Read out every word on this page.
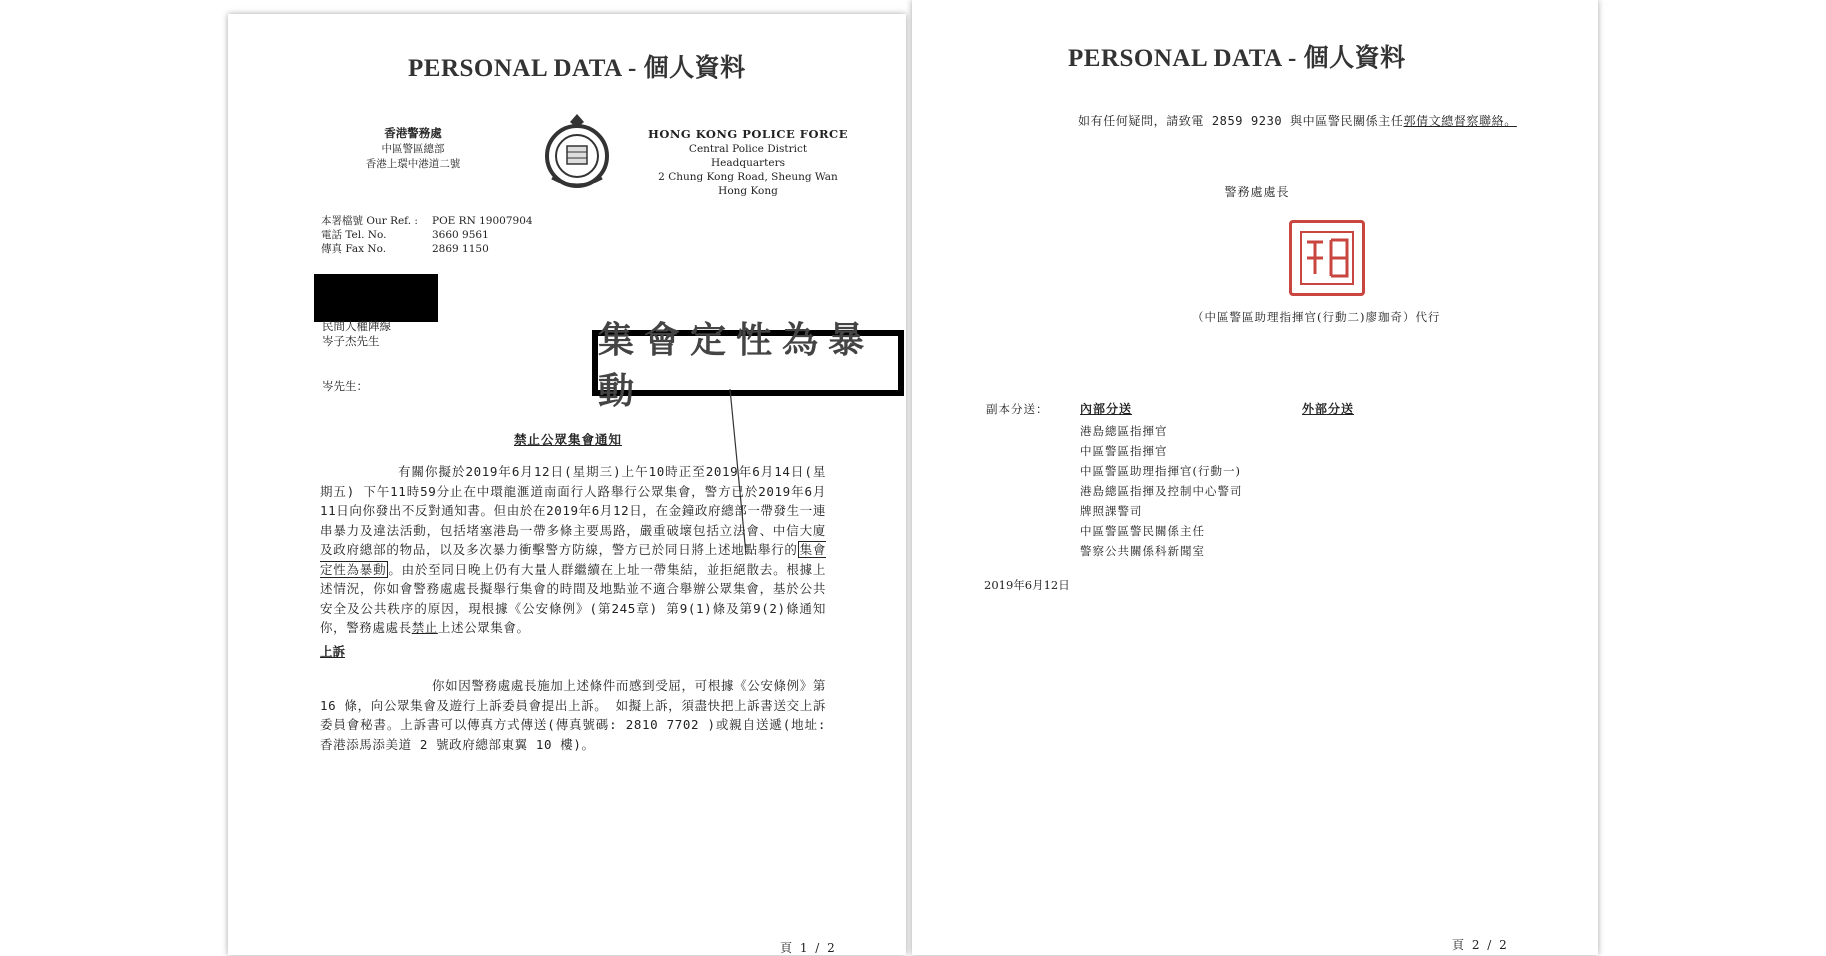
PERSONAL DATA - 個人資料
香港警務處
中區警區總部
香港上環中港道二號
HONG KONG POLICE FORCE
Central Police District
Headquarters
2 Chung Kong Road, Sheung Wan
Hong Kong
本署檔號 Our Ref. : POE RN 19007904
電話 Tel. No.	3660 9561
傳真 Fax No.	2869 1150
民間人權陣線
岑子杰先生
岑先生：
集會定性為暴動
禁止公眾集會通知
有關你擬於2019年6月12日(星期三)上午10時正至2019年6月14日(星期五) 下午11時59分止在中環龍滙道南面行人路舉行公眾集會，警方已於2019年6月11日向你發出不反對通知書。但由於在2019年6月12日，在金鐘政府總部一帶發生一連串暴力及違法活動，包括堵塞港島一帶多條主要馬路，嚴重破壞包括立法會、中信大廈及政府總部的物品，以及多次暴力衝擊警方防線，警方已於同日將上述地點舉行的 集會定性為暴動 。由於至同日晚上仍有大量人群繼續在上址一帶集結，並拒絕散去。根據上述情況，你如會警務處處長擬舉行集會的時間及地點並不適合舉辦公眾集會，基於公共安全及公共秩序的原因，現根據《公安條例》(第245章) 第9(1)條及第9(2)條通知你，警務處處長禁止上述公眾集會。
上訴
你如因警務處處長施加上述條件而感到受屈，可根據《公安條例》第 16 條，向公眾集會及遊行上訴委員會提出上訴。 如擬上訴，須盡快把上訴書送交上訴委員會秘書。上訴書可以傳真方式傳送(傳真號碼: 2810 7702 )或親自送遞(地址: 香港添馬添美道 2 號政府總部東翼 10 樓)。
頁 1 / 2
PERSONAL DATA - 個人資料
如有任何疑問，請致電 2859 9230 與中區警民關係主任郭倩文總督察聯絡。
警務處處長
（中區警區助理指揮官(行動二)廖珈奇）代行
副本分送：	內部分送	外部分送
港島總區指揮官
中區警區指揮官
中區警區助理指揮官(行動一)
港島總區指揮及控制中心警司
牌照課警司
中區警區警民關係主任
警察公共關係科新聞室
2019年6月12日
頁 2 / 2
